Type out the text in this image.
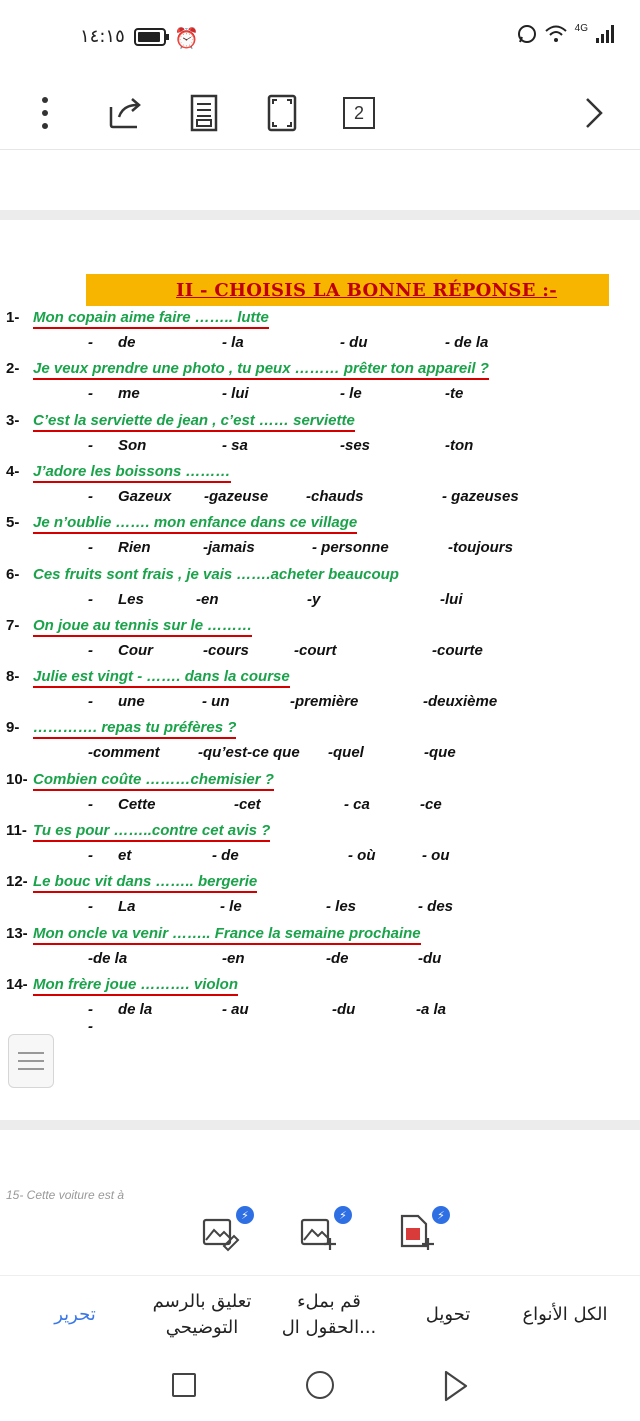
١٤:١٥ ⏰	4G
2
II - CHOISIS LA BONNE RÉPONSE :-
1- Mon copain aime faire …….. lutte
-      de	- la	- du	- de la
2- Je veux prendre une photo , tu peux ……… prêter ton appareil ?
-      me	- lui	- le	-te
3- C’est la serviette de jean , c’est …… serviette
-      Son	- sa	-ses	-ton
4- J’adore les boissons ………
-      Gazeux -gazeuse	-chauds	- gazeuses
5- Je n’oublie ……. mon enfance dans ce village
-      Rien	-jamais	- personne	-toujours
6- Ces fruits sont frais , je vais …….acheter beaucoup
-      Les	-en	-y	-lui
7- On joue au tennis sur le ………
-      Cour	-cours	-court	-courte
8- Julie est vingt - ……. dans la course
-      une	- un	-première	-deuxième
9- …………. repas tu préfères ?
-comment	-qu’est-ce que -quel	-que
10- Combien coûte ………chemisier ?
-      Cette	-cet	- ca	-ce
11- Tu es pour ……..contre cet avis ?
-      et	- de	- où	- ou
12- Le bouc vit dans …….. bergerie
-      La	- le	- les	- des
13- Mon oncle va venir …….. France la semaine prochaine
-de la	-en	-de	-du
14- Mon frère joue ………. violon
-      de la	- au	-du	-a la
-
15- Cette voiture est à
⚡	⚡	⚡
تحرير
تعليق بالرسم التوضيحي
قم بملء الحقول ال...
تحويل	الكل الأنواع
